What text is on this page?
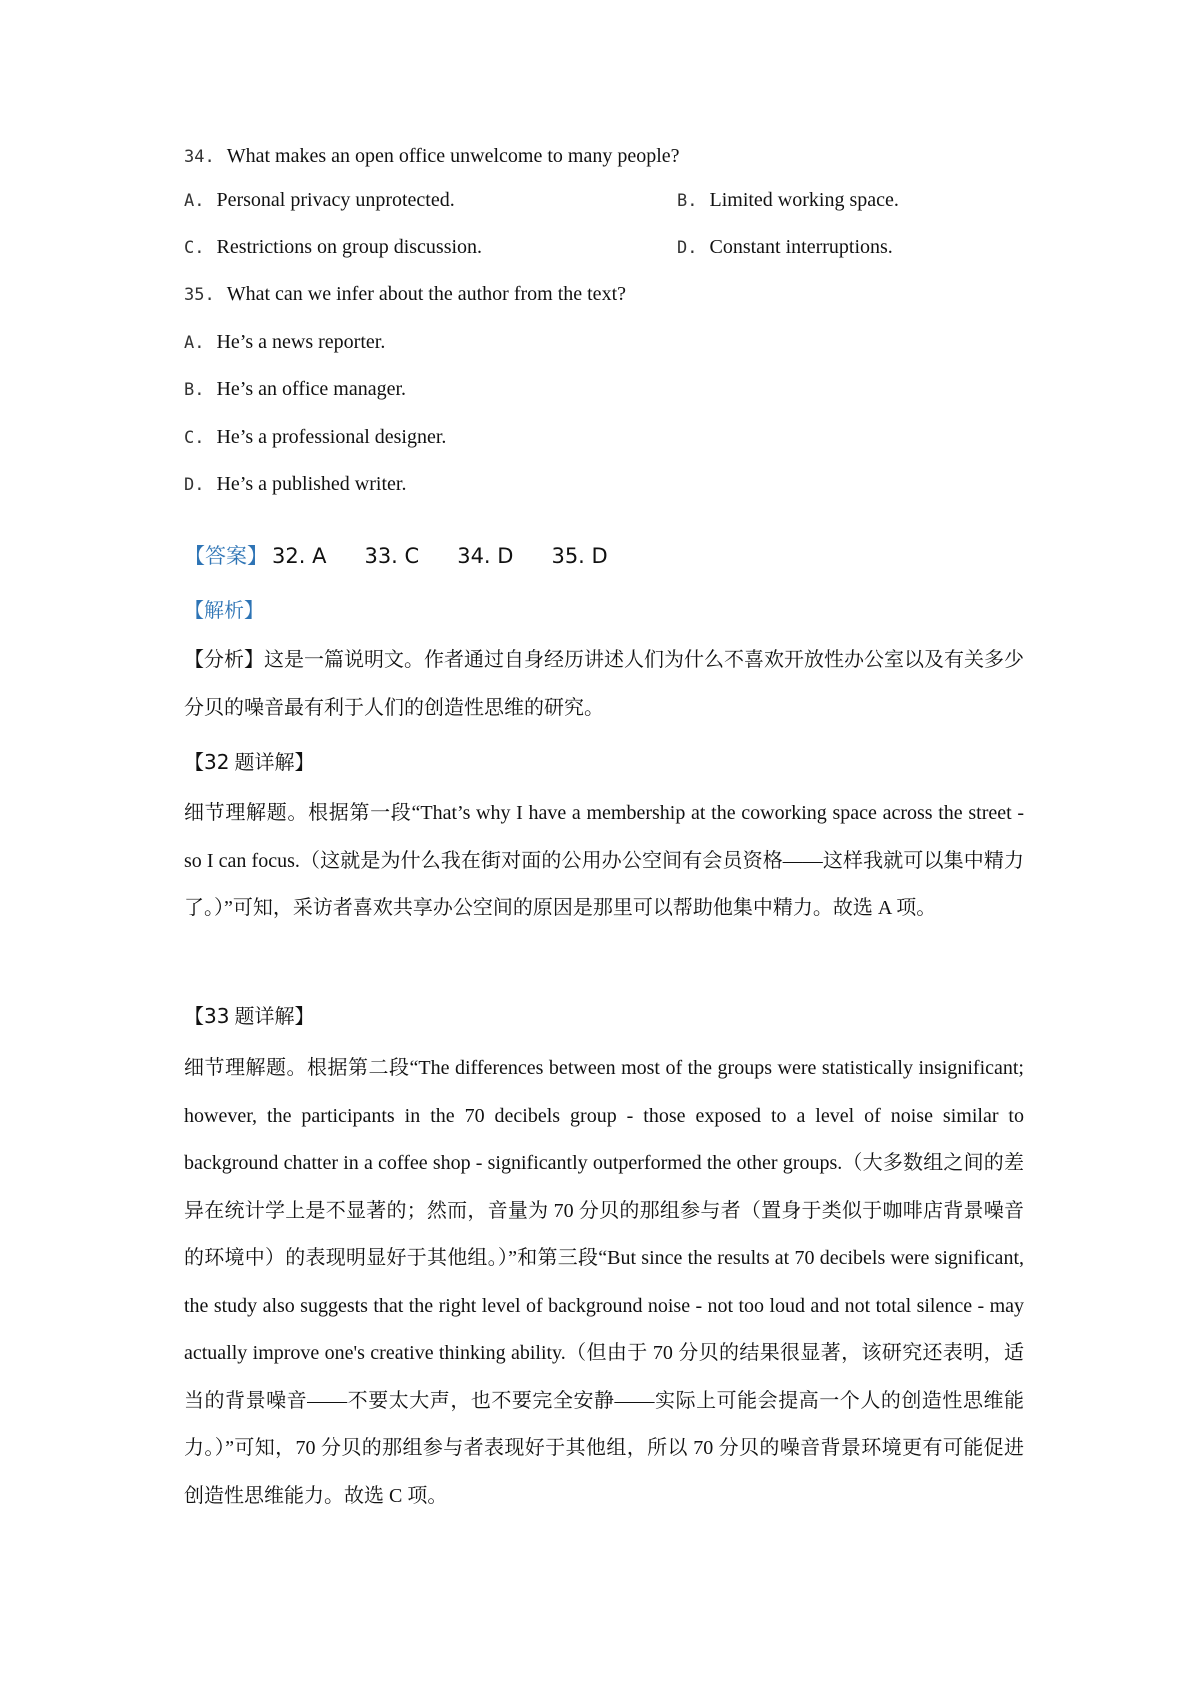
34. What makes an open office unwelcome to many people?
A. Personal privacy unprotected.	B. Limited working space.
C. Restrictions on group discussion.	D. Constant interruptions.
35. What can we infer about the author from the text?
A. He’s a news reporter.
B. He’s an office manager.
C. He’s a professional designer.
D. He’s a published writer.
【答案】 32. A 33. C 34. D 35. D
【解析】

【分析】这是一篇说明文。作者通过自身经历讲述人们为什么不喜欢开放性办公室以及有关多少分贝的噪音最有利于人们的创造性思维的研究。

【32 题详解】

细节理解题。根据第一段“That’s why I have a membership at the coworking space across the street - so I can focus.（这就是为什么我在街对面的公用办公空间有会员资格——这样我就可以集中精力了。）”可知，采访者喜欢共享办公空间的原因是那里可以帮助他集中精力。故选 A 项。

【33 题详解】

细节理解题。根据第二段“The differences between most of the groups were statistically insignificant; however, the participants in the 70 decibels group - those exposed to a level of noise similar to background chatter in a coffee shop - significantly outperformed the other groups.（大多数组之间的差异在统计学上是不显著的；然而，音量为 70 分贝的那组参与者（置身于类似于咖啡店背景噪音的环境中）的表现明显好于其他组。）”和第三段“But since the results at 70 decibels were significant, the study also suggests that the right level of background noise - not too loud and not total silence - may actually improve one's creative thinking ability.（但由于 70 分贝的结果很显著，该研究还表明，适当的背景噪音——不要太大声，也不要完全安静——实际上可能会提高一个人的创造性思维能力。）”可知，70 分贝的那组参与者表现好于其他组，所以 70 分贝的噪音背景环境更有可能促进创造性思维能力。故选 C 项。
